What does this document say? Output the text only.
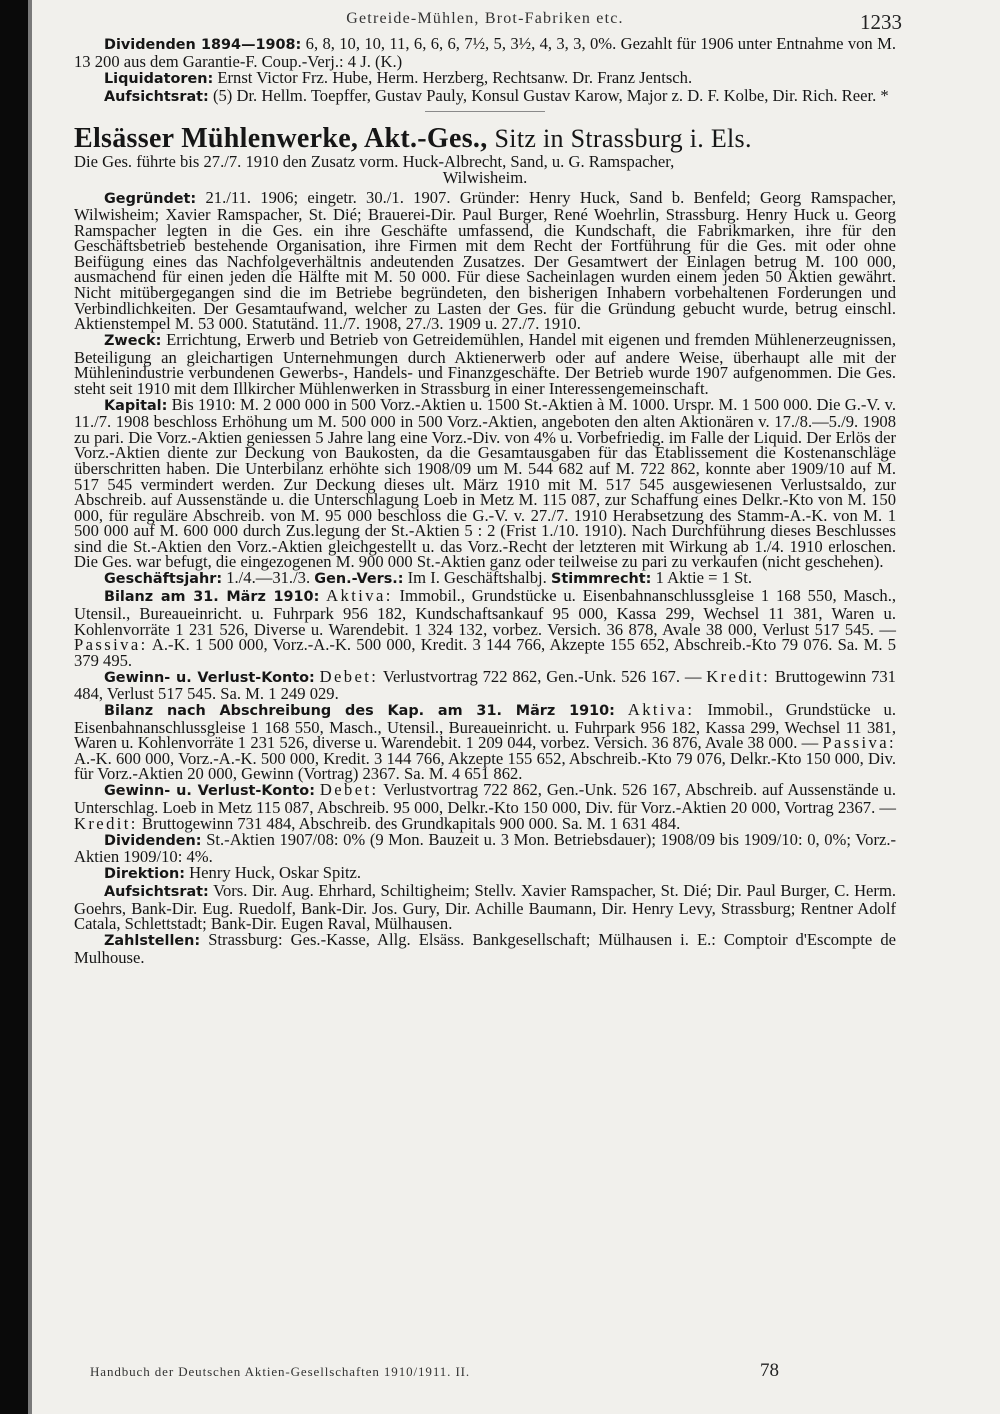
Getreide-Mühlen, Brot-Fabriken etc.	1233

Dividenden 1894—1908: 6, 8, 10, 10, 11, 6, 6, 6, 7½, 5, 3½, 4, 3, 3, 0%. Gezahlt für 1906 unter Entnahme von M. 13 200 aus dem Garantie-F. Coup.-Verj.: 4 J. (K.)

Liquidatoren: Ernst Victor Frz. Hube, Herm. Herzberg, Rechtsanw. Dr. Franz Jentsch.

Aufsichtsrat: (5) Dr. Hellm. Toepffer, Gustav Pauly, Konsul Gustav Karow, Major z. D. F. Kolbe, Dir. Rich. Reer. *

Elsässer Mühlenwerke, Akt.-Ges., Sitz in Strassburg i. Els.

Die Ges. führte bis 27./7. 1910 den Zusatz vorm. Huck-Albrecht, Sand, u. G. Ramspacher,

Wilwisheim.

Gegründet: 21./11. 1906; eingetr. 30./1. 1907. Gründer: Henry Huck, Sand b. Benfeld; Georg Ramspacher, Wilwisheim; Xavier Ramspacher, St. Dié; Brauerei-Dir. Paul Burger, René Woehrlin, Strassburg. Henry Huck u. Georg Ramspacher legten in die Ges. ein ihre Geschäfte umfassend, die Kundschaft, die Fabrikmarken, ihre für den Geschäftsbetrieb bestehende Organisation, ihre Firmen mit dem Recht der Fortführung für die Ges. mit oder ohne Beifügung eines das Nachfolgeverhältnis andeutenden Zusatzes. Der Gesamtwert der Einlagen betrug M. 100 000, ausmachend für einen jeden die Hälfte mit M. 50 000. Für diese Sacheinlagen wurden einem jeden 50 Aktien gewährt. Nicht mitübergegangen sind die im Betriebe begründeten, den bisherigen Inhabern vorbehaltenen Forderungen und Verbindlichkeiten. Der Gesamtaufwand, welcher zu Lasten der Ges. für die Gründung gebucht wurde, betrug einschl. Aktienstempel M. 53 000. Statutänd. 11./7. 1908, 27./3. 1909 u. 27./7. 1910.

Zweck: Errichtung, Erwerb und Betrieb von Getreidemühlen, Handel mit eigenen und fremden Mühlenerzeugnissen, Beteiligung an gleichartigen Unternehmungen durch Aktienerwerb oder auf andere Weise, überhaupt alle mit der Mühlenindustrie verbundenen Gewerbs-, Handels- und Finanzgeschäfte. Der Betrieb wurde 1907 aufgenommen. Die Ges. steht seit 1910 mit dem Illkircher Mühlenwerken in Strassburg in einer Interessengemeinschaft.

Kapital: Bis 1910: M. 2 000 000 in 500 Vorz.-Aktien u. 1500 St.-Aktien à M. 1000. Urspr. M. 1 500 000. Die G.-V. v. 11./7. 1908 beschloss Erhöhung um M. 500 000 in 500 Vorz.-Aktien, angeboten den alten Aktionären v. 17./8.—5./9. 1908 zu pari. Die Vorz.-Aktien geniessen 5 Jahre lang eine Vorz.-Div. von 4% u. Vorbefriedig. im Falle der Liquid. Der Erlös der Vorz.-Aktien diente zur Deckung von Baukosten, da die Gesamtausgaben für das Etablissement die Kostenanschläge überschritten haben. Die Unterbilanz erhöhte sich 1908/09 um M. 544 682 auf M. 722 862, konnte aber 1909/10 auf M. 517 545 vermindert werden. Zur Deckung dieses ult. März 1910 mit M. 517 545 ausgewiesenen Verlustsaldo, zur Abschreib. auf Aussenstände u. die Unterschlagung Loeb in Metz M. 115 087, zur Schaffung eines Delkr.-Kto von M. 150 000, für reguläre Abschreib. von M. 95 000 beschloss die G.-V. v. 27./7. 1910 Herabsetzung des Stamm-A.-K. von M. 1 500 000 auf M. 600 000 durch Zus.legung der St.-Aktien 5 : 2 (Frist 1./10. 1910). Nach Durchführung dieses Beschlusses sind die St.-Aktien den Vorz.-Aktien gleichgestellt u. das Vorz.-Recht der letzteren mit Wirkung ab 1./4. 1910 erloschen. Die Ges. war befugt, die eingezogenen M. 900 000 St.-Aktien ganz oder teilweise zu pari zu verkaufen (nicht geschehen).

Geschäftsjahr: 1./4.—31./3. Gen.-Vers.: Im I. Geschäftshalbj. Stimmrecht: 1 Aktie = 1 St.

Bilanz am 31. März 1910: Aktiva: Immobil., Grundstücke u. Eisenbahnanschlussgleise 1 168 550, Masch., Utensil., Bureaueinricht. u. Fuhrpark 956 182, Kundschaftsankauf 95 000, Kassa 299, Wechsel 11 381, Waren u. Kohlenvorräte 1 231 526, Diverse u. Warendebit. 1 324 132, vorbez. Versich. 36 878, Avale 38 000, Verlust 517 545. — Passiva: A.-K. 1 500 000, Vorz.-A.-K. 500 000, Kredit. 3 144 766, Akzepte 155 652, Abschreib.-Kto 79 076. Sa. M. 5 379 495.

Gewinn- u. Verlust-Konto: Debet: Verlustvortrag 722 862, Gen.-Unk. 526 167. — Kredit: Bruttogewinn 731 484, Verlust 517 545. Sa. M. 1 249 029.

Bilanz nach Abschreibung des Kap. am 31. März 1910: Aktiva: Immobil., Grundstücke u. Eisenbahnanschlussgleise 1 168 550, Masch., Utensil., Bureaueinricht. u. Fuhrpark 956 182, Kassa 299, Wechsel 11 381, Waren u. Kohlenvorräte 1 231 526, diverse u. Warendebit. 1 209 044, vorbez. Versich. 36 876, Avale 38 000. — Passiva: A.-K. 600 000, Vorz.-A.-K. 500 000, Kredit. 3 144 766, Akzepte 155 652, Abschreib.-Kto 79 076, Delkr.-Kto 150 000, Div. für Vorz.-Aktien 20 000, Gewinn (Vortrag) 2367. Sa. M. 4 651 862.

Gewinn- u. Verlust-Konto: Debet: Verlustvortrag 722 862, Gen.-Unk. 526 167, Abschreib. auf Aussenstände u. Unterschlag. Loeb in Metz 115 087, Abschreib. 95 000, Delkr.-Kto 150 000, Div. für Vorz.-Aktien 20 000, Vortrag 2367. — Kredit: Bruttogewinn 731 484, Abschreib. des Grundkapitals 900 000. Sa. M. 1 631 484.

Dividenden: St.-Aktien 1907/08: 0% (9 Mon. Bauzeit u. 3 Mon. Betriebsdauer); 1908/09 bis 1909/10: 0, 0%; Vorz.-Aktien 1909/10: 4%.

Direktion: Henry Huck, Oskar Spitz.

Aufsichtsrat: Vors. Dir. Aug. Ehrhard, Schiltigheim; Stellv. Xavier Ramspacher, St. Dié; Dir. Paul Burger, C. Herm. Goehrs, Bank-Dir. Eug. Ruedolf, Bank-Dir. Jos. Gury, Dir. Achille Baumann, Dir. Henry Levy, Strassburg; Rentner Adolf Catala, Schlettstadt; Bank-Dir. Eugen Raval, Mülhausen.

Zahlstellen: Strassburg: Ges.-Kasse, Allg. Elsäss. Bankgesellschaft; Mülhausen i. E.: Comptoir d'Escompte de Mulhouse.

Handbuch der Deutschen Aktien-Gesellschaften 1910/1911. II.	78
